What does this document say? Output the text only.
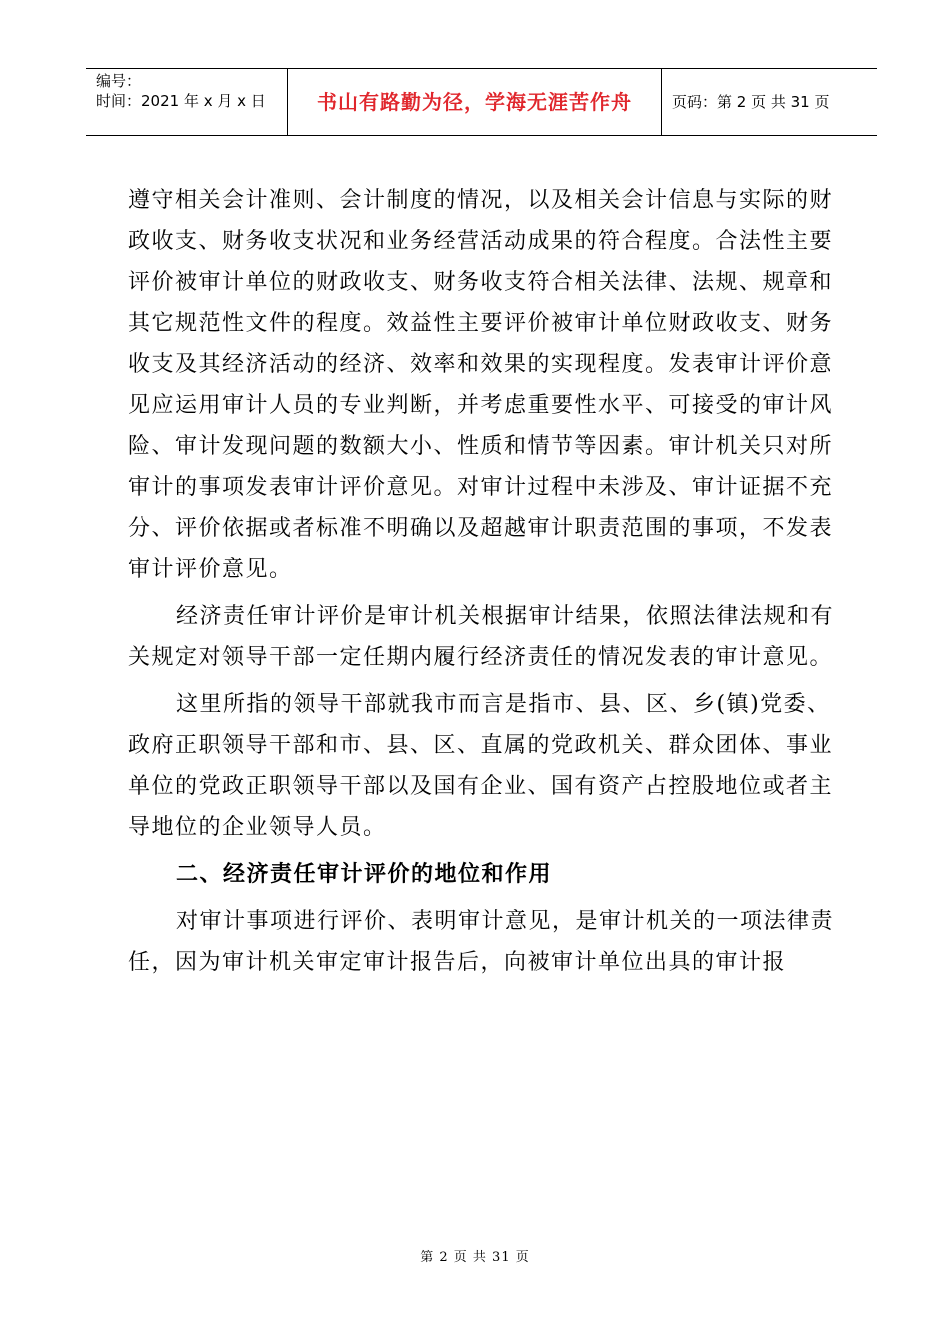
编号：
时间：2021 年 x 月 x 日	书山有路勤为径，学海无涯苦作舟	页码：第 2 页 共 31 页

遵守相关会计准则、会计制度的情况，以及相关会计信息与实际的财政收支、财务收支状况和业务经营活动成果的符合程度。合法性主要评价被审计单位的财政收支、财务收支符合相关法律、法规、规章和其它规范性文件的程度。效益性主要评价被审计单位财政收支、财务收支及其经济活动的经济、效率和效果的实现程度。发表审计评价意见应运用审计人员的专业判断，并考虑重要性水平、可接受的审计风险、审计发现问题的数额大小、性质和情节等因素。审计机关只对所审计的事项发表审计评价意见。对审计过程中未涉及、审计证据不充分、评价依据或者标准不明确以及超越审计职责范围的事项，不发表审计评价意见。

经济责任审计评价是审计机关根据审计结果，依照法律法规和有关规定对领导干部一定任期内履行经济责任的情况发表的审计意见。

这里所指的领导干部就我市而言是指市、县、区、乡(镇)党委、政府正职领导干部和市、县、区、直属的党政机关、群众团体、事业单位的党政正职领导干部以及国有企业、国有资产占控股地位或者主导地位的企业领导人员。

二、经济责任审计评价的地位和作用

对审计事项进行评价、表明审计意见，是审计机关的一项法律责任，因为审计机关审定审计报告后，向被审计单位出具的审计报

第 2 页 共 31 页
